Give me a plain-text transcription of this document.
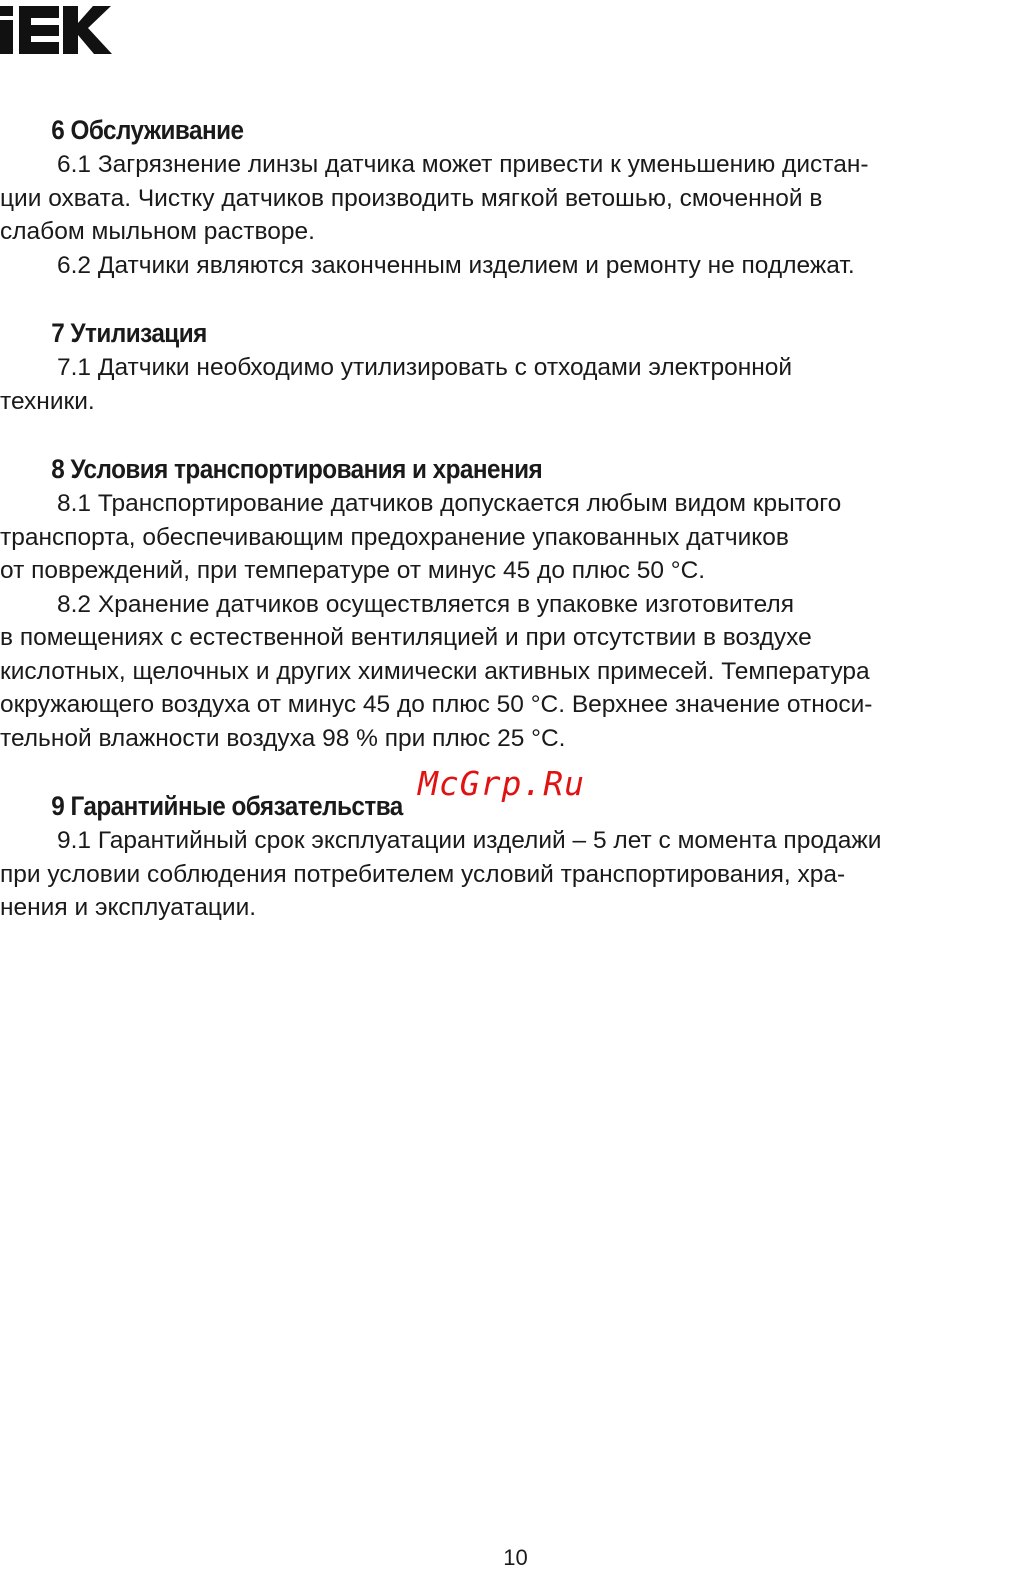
6 Обслуживание
6.1 Загрязнение линзы датчика может привести к уменьшению дистан-
ции охвата. Чистку датчиков производить мягкой ветошью, смоченной в
слабом мыльном растворе.
6.2 Датчики являются законченным изделием и ремонту не подлежат.
7 Утилизация
7.1 Датчики необходимо утилизировать с отходами электронной
техники.
8 Условия транспортирования и хранения
8.1 Транспортирование датчиков допускается любым видом крытого
транспорта, обеспечивающим предохранение упакованных датчиков
от повреждений, при температуре от минус 45 до плюс 50 °С.
8.2 Хранение датчиков осуществляется в упаковке изготовителя
в помещениях с естественной вентиляцией и при отсутствии в воздухе
кислотных, щелочных и других химически активных примесей. Температура
окружающего воздуха от минус 45 до плюс 50 °С. Верхнее значение относи-
тельной влажности воздуха 98 % при плюс 25 °С.
9 Гарантийные обязательства
9.1 Гарантийный срок эксплуатации изделий – 5 лет с момента продажи
при условии соблюдения потребителем условий транспортирования, хра-
нения и эксплуатации.
McGrp.Ru
10
